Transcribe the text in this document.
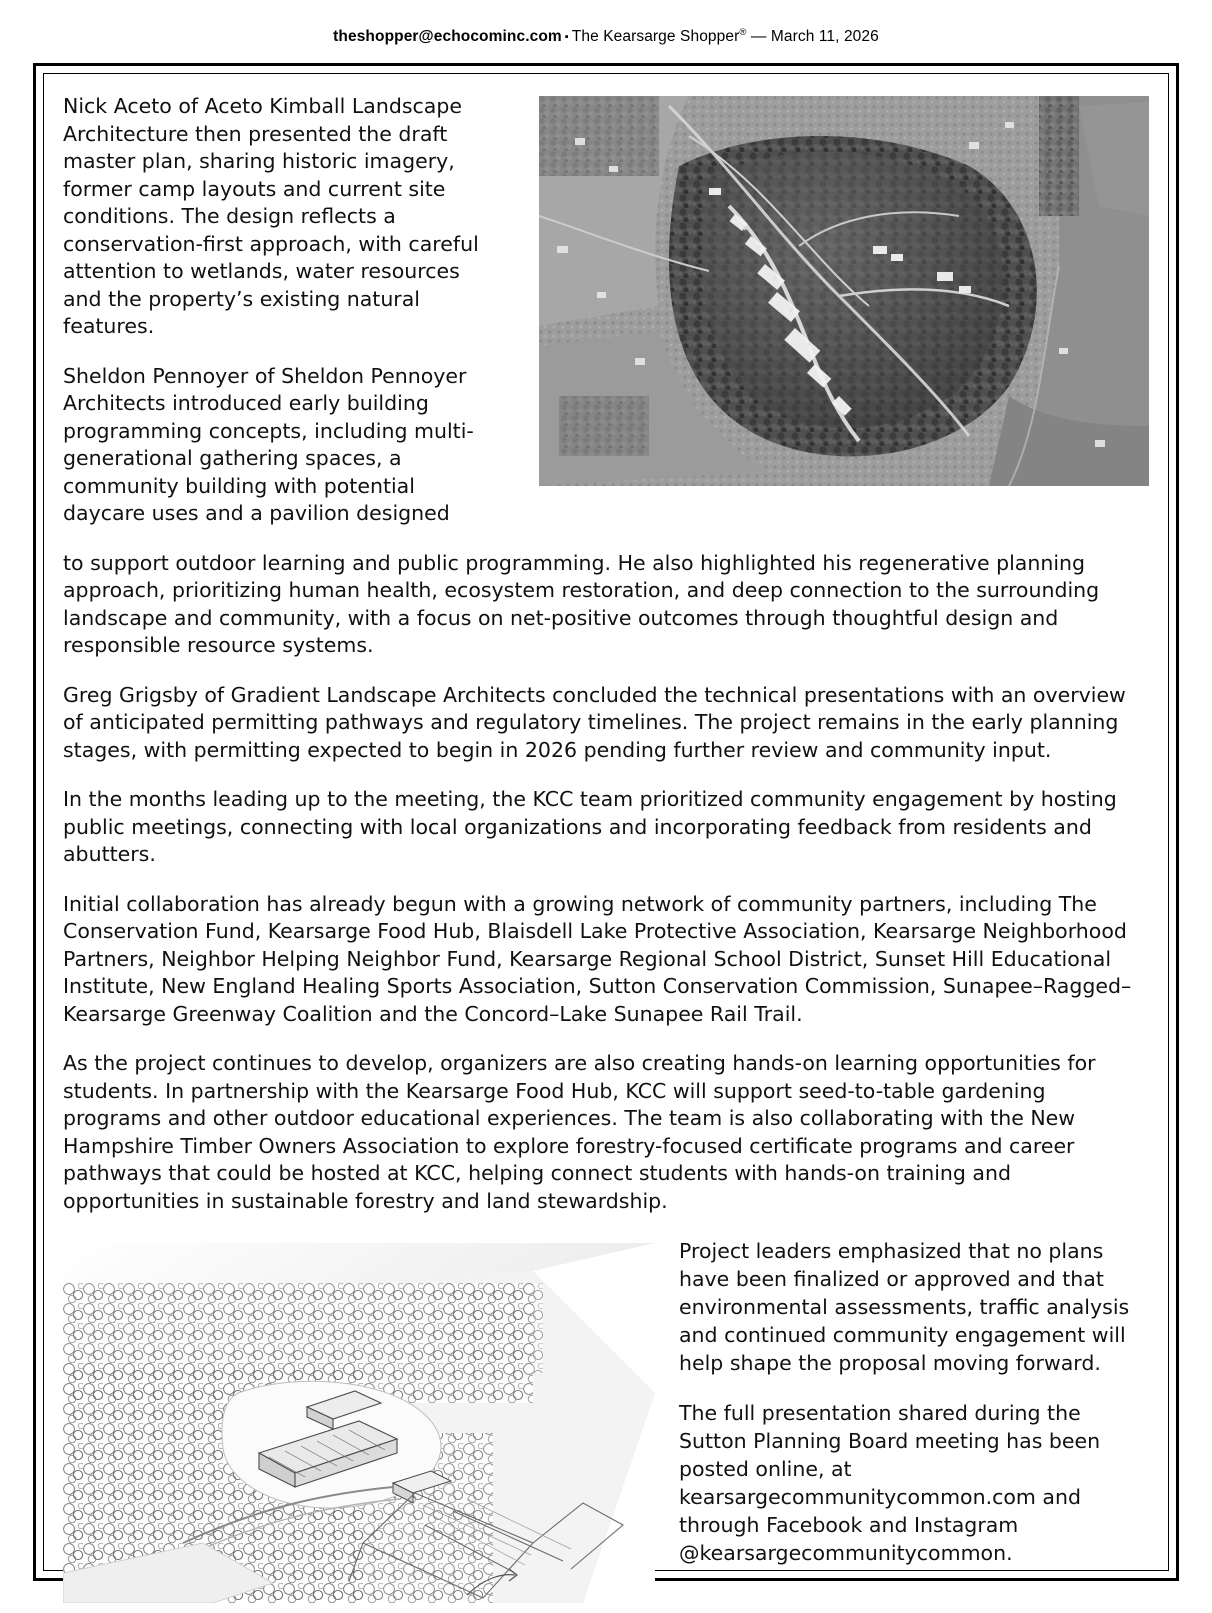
theshopper@echocominc.com ▪ The Kearsarge Shopper® — March 11, 2026

Nick Aceto of Aceto Kimball Landscape Architecture then presented the draft master plan, sharing historic imagery, former camp layouts and current site conditions. The design reflects a conservation-first approach, with careful attention to wetlands, water resources and the property’s existing natural features.

Sheldon Pennoyer of Sheldon Pennoyer Architects introduced early building programming concepts, including multi-generational gathering spaces, a community building with potential daycare uses and a pavilion designed

to support outdoor learning and public programming. He also highlighted his regenerative planning approach, prioritizing human health, ecosystem restoration, and deep connection to the surrounding landscape and community, with a focus on net-positive outcomes through thoughtful design and responsible resource systems.

Greg Grigsby of Gradient Landscape Architects concluded the technical presentations with an overview of anticipated permitting pathways and regulatory timelines. The project remains in the early planning stages, with permitting expected to begin in 2026 pending further review and community input.

In the months leading up to the meeting, the KCC team prioritized community engagement by hosting public meetings, connecting with local organizations and incorporating feedback from residents and abutters.

Initial collaboration has already begun with a growing network of community partners, including The Conservation Fund, Kearsarge Food Hub, Blaisdell Lake Protective Association, Kearsarge Neighborhood Partners, Neighbor Helping Neighbor Fund, Kearsarge Regional School District, Sunset Hill Educational Institute, New England Healing Sports Association, Sutton Conservation Commission, Sunapee–Ragged–Kearsarge Greenway Coalition and the Concord–Lake Sunapee Rail Trail.

As the project continues to develop, organizers are also creating hands-on learning opportunities for students. In partnership with the Kearsarge Food Hub, KCC will support seed-to-table gardening programs and other outdoor educational experiences. The team is also collaborating with the New Hampshire Timber Owners Association to explore forestry-focused certificate programs and career pathways that could be hosted at KCC, helping connect students with hands-on training and opportunities in sustainable forestry and land stewardship.

Project leaders emphasized that no plans have been finalized or approved and that environmental assessments, traffic analysis and continued community engagement will help shape the proposal moving forward.

The full presentation shared during the Sutton Planning Board meeting has been posted online, at kearsargecommunitycommon.com and through Facebook and Instagram @kearsargecommunitycommon.
